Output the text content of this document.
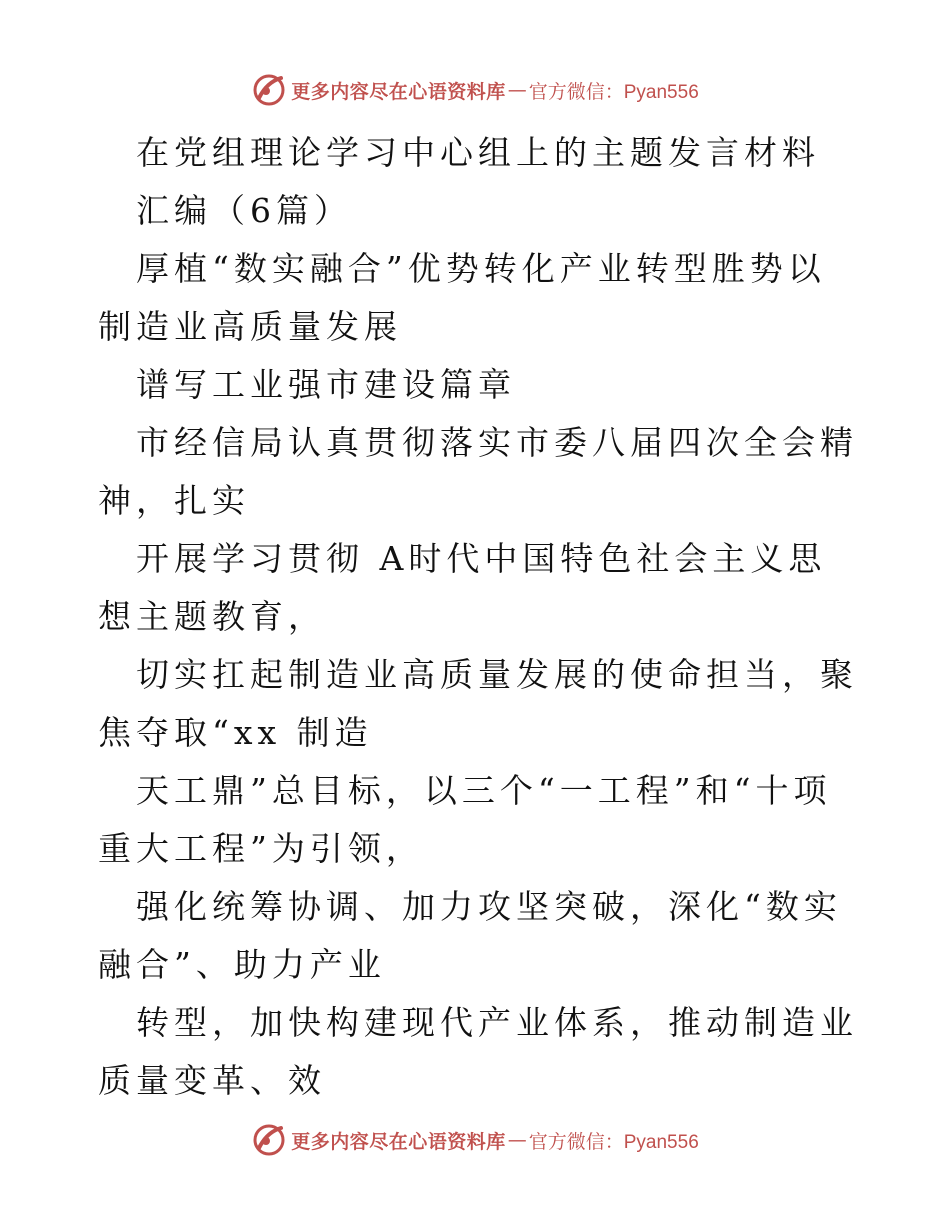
更多内容尽在心语资料库 — 官方微信：Pyan556

在党组理论学习中心组上的主题发言材料

汇编（6篇）

厚植“数实融合”优势转化产业转型胜势以制造业高质量发展

谱写工业强市建设篇章

市经信局认真贯彻落实市委八届四次全会精神，扎实

开展学习贯彻 A时代中国特色社会主义思想主题教育，

切实扛起制造业高质量发展的使命担当，聚焦夺取“xx 制造

天工鼎”总目标，以三个“一工程”和“十项重大工程”为引领，

强化统筹协调、加力攻坚突破，深化“数实融合”、助力产业

转型，加快构建现代产业体系，推动制造业质量变革、效

更多内容尽在心语资料库 — 官方微信：Pyan556
